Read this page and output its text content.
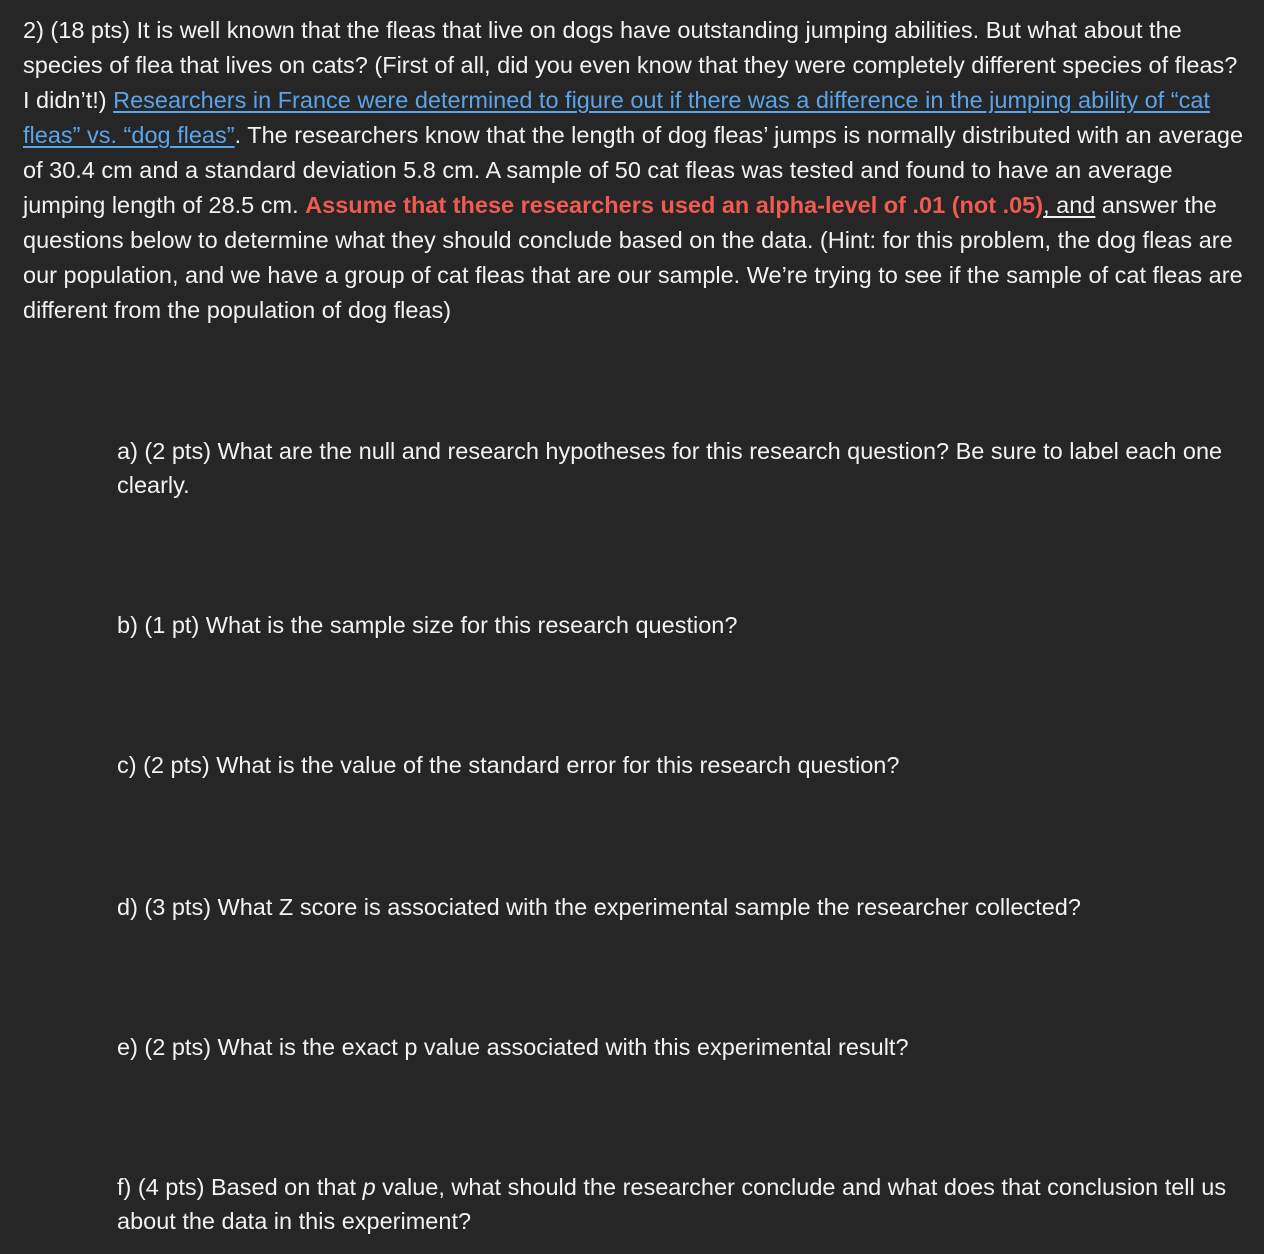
2) (18 pts) It is well known that the fleas that live on dogs have outstanding jumping abilities. But what about the species of flea that lives on cats? (First of all, did you even know that they were completely different species of fleas? I didn’t!) Researchers in France were determined to figure out if there was a difference in the jumping ability of “cat fleas” vs. “dog fleas”. The researchers know that the length of dog fleas’ jumps is normally distributed with an average of 30.4 cm and a standard deviation 5.8 cm. A sample of 50 cat fleas was tested and found to have an average jumping length of 28.5 cm. Assume that these researchers used an alpha-level of .01 (not .05), and answer the questions below to determine what they should conclude based on the data. (Hint: for this problem, the dog fleas are our population, and we have a group of cat fleas that are our sample. We’re trying to see if the sample of cat fleas are different from the population of dog fleas)
a) (2 pts) What are the null and research hypotheses for this research question? Be sure to label each one clearly.
b) (1 pt) What is the sample size for this research question?
c) (2 pts) What is the value of the standard error for this research question?
d) (3 pts) What Z score is associated with the experimental sample the researcher collected?
e) (2 pts) What is the exact p value associated with this experimental result?
f) (4 pts) Based on that p value, what should the researcher conclude and what does that conclusion tell us about the data in this experiment?
